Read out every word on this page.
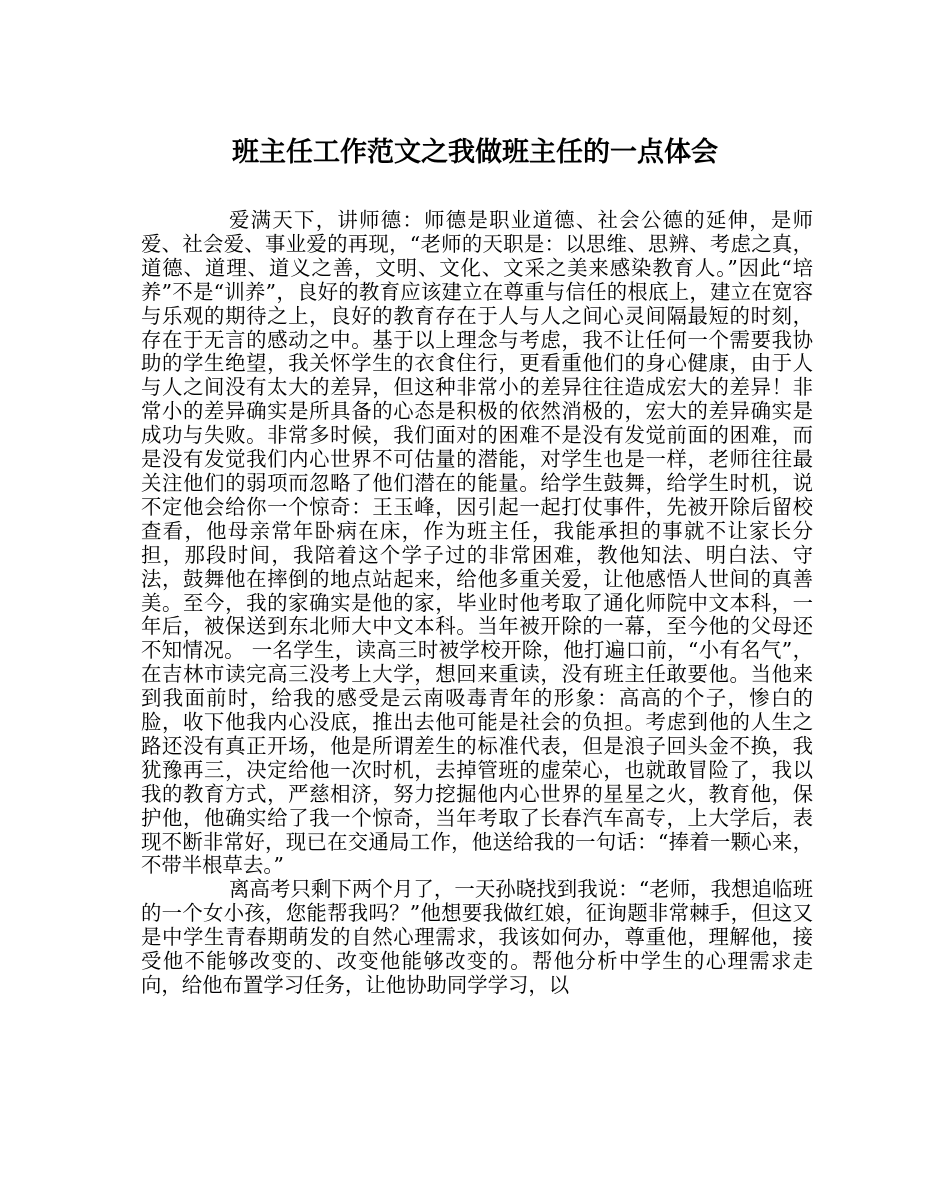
班主任工作范文之我做班主任的一点体会

爱满天下，讲师德：师德是职业道德、社会公德的延伸，是师爱、社会爱、事业爱的再现，“老师的天职是：以思维、思辨、考虑之真，道德、道理、道义之善，文明、文化、文采之美来感染教育人。”因此“培养”不是“训养”，良好的教育应该建立在尊重与信任的根底上，建立在宽容与乐观的期待之上，良好的教育存在于人与人之间心灵间隔最短的时刻，存在于无言的感动之中。基于以上理念与考虑，我不让任何一个需要我协助的学生绝望，我关怀学生的衣食住行，更看重他们的身心健康，由于人与人之间没有太大的差异，但这种非常小的差异往往造成宏大的差异！非常小的差异确实是所具备的心态是积极的依然消极的，宏大的差异确实是成功与失败。非常多时候，我们面对的困难不是没有发觉前面的困难，而是没有发觉我们内心世界不可估量的潜能，对学生也是一样，老师往往最关注他们的弱项而忽略了他们潜在的能量。给学生鼓舞，给学生时机，说不定他会给你一个惊奇：王玉峰，因引起一起打仗事件，先被开除后留校查看，他母亲常年卧病在床，作为班主任，我能承担的事就不让家长分担，那段时间，我陪着这个学子过的非常困难，教他知法、明白法、守法，鼓舞他在摔倒的地点站起来，给他多重关爱，让他感悟人世间的真善美。至今，我的家确实是他的家，毕业时他考取了通化师院中文本科，一年后，被保送到东北师大中文本科。当年被开除的一幕，至今他的父母还不知情况。 一名学生，读高三时被学校开除，他打遍口前，“小有名气”，在吉林市读完高三没考上大学，想回来重读，没有班主任敢要他。当他来到我面前时，给我的感受是云南吸毒青年的形象：高高的个子，惨白的脸，收下他我内心没底，推出去他可能是社会的负担。考虑到他的人生之路还没有真正开场，他是所谓差生的标准代表，但是浪子回头金不换，我犹豫再三，决定给他一次时机，去掉管班的虚荣心，也就敢冒险了，我以我的教育方式，严慈相济，努力挖掘他内心世界的星星之火，教育他，保护他，他确实给了我一个惊奇，当年考取了长春汽车高专，上大学后，表现不断非常好，现已在交通局工作，他送给我的一句话：“捧着一颗心来，不带半根草去。”

离高考只剩下两个月了，一天孙晓找到我说：“老师，我想追临班的一个女小孩，您能帮我吗？”他想要我做红娘，征询题非常棘手，但这又是中学生青春期萌发的自然心理需求，我该如何办，尊重他，理解他，接受他不能够改变的、改变他能够改变的。帮他分析中学生的心理需求走向，给他布置学习任务，让他协助同学学习，以
